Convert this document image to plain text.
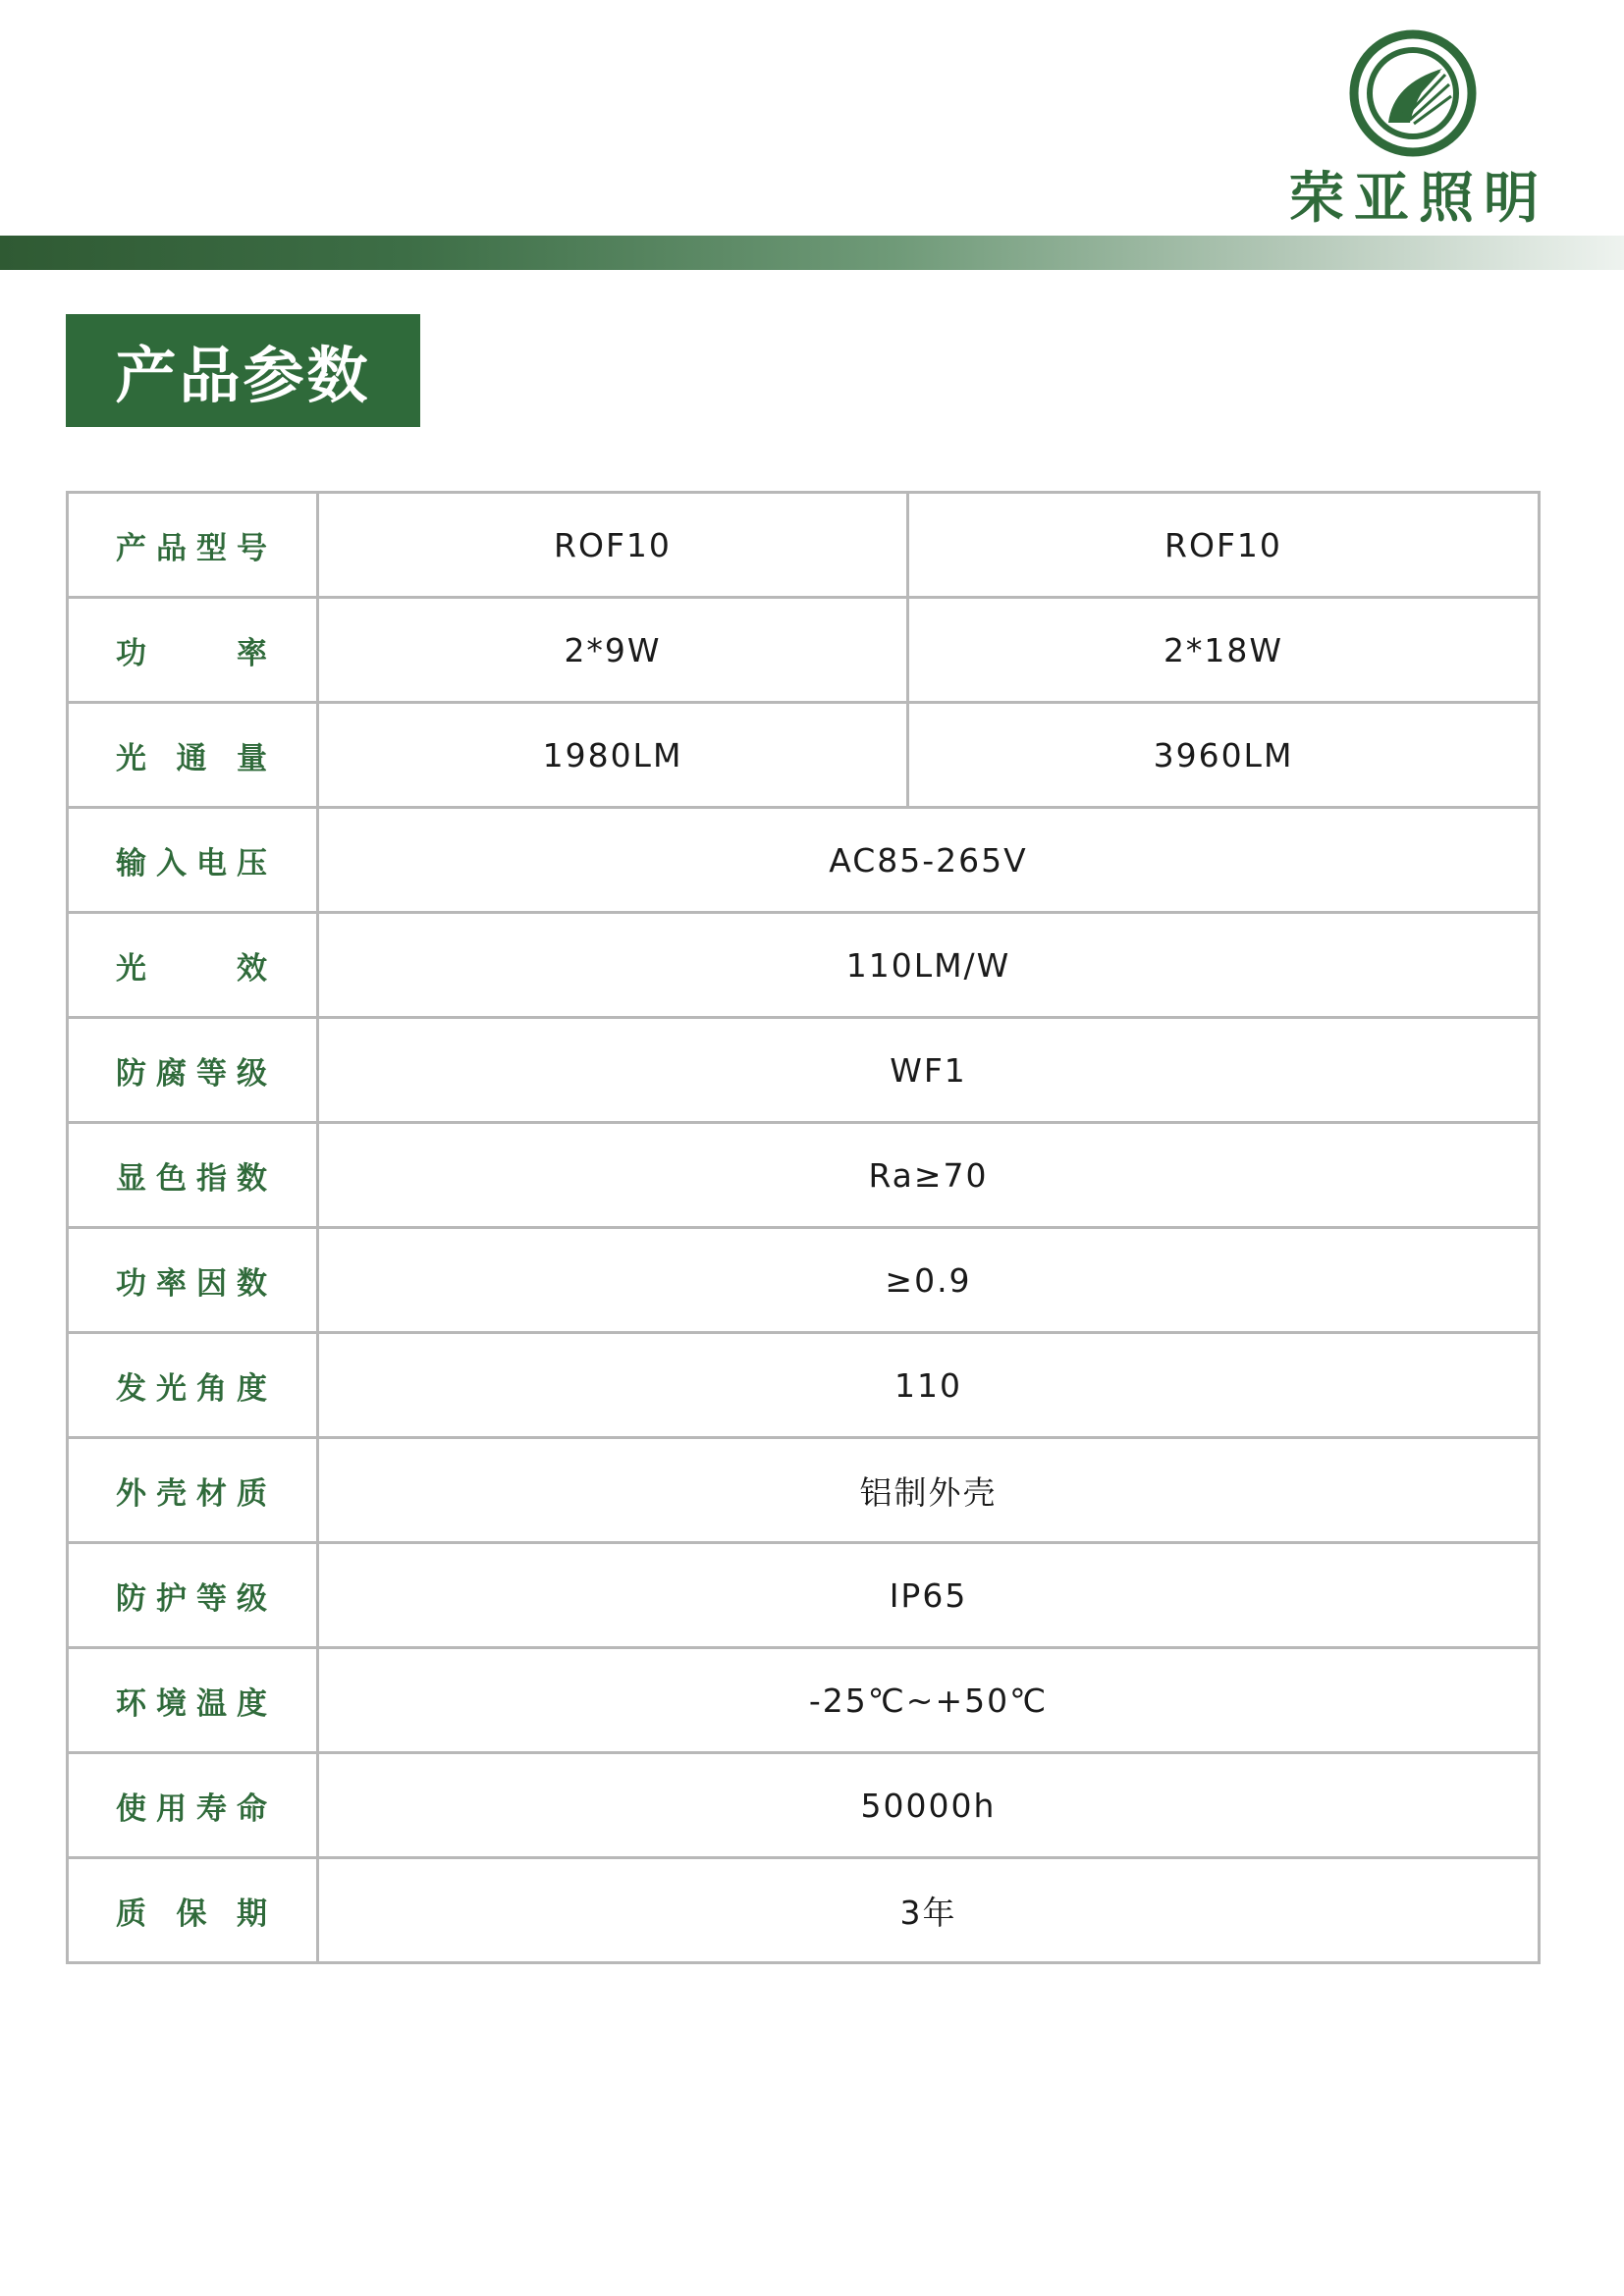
荣亚照明
产品参数
产品型号	ROF10	ROF10

功率	2*9W	2*18W

光通量	1980LM	3960LM

输入电压	AC85-265V	

光效	110LM/W	

防腐等级	WF1	

显色指数	Ra≥70	

功率因数	≥0.9	

发光角度	110	

外壳材质	铝制外壳	

防护等级	IP65	

环境温度	-25℃~+50℃	

使用寿命	50000h	

质保期	3年	
